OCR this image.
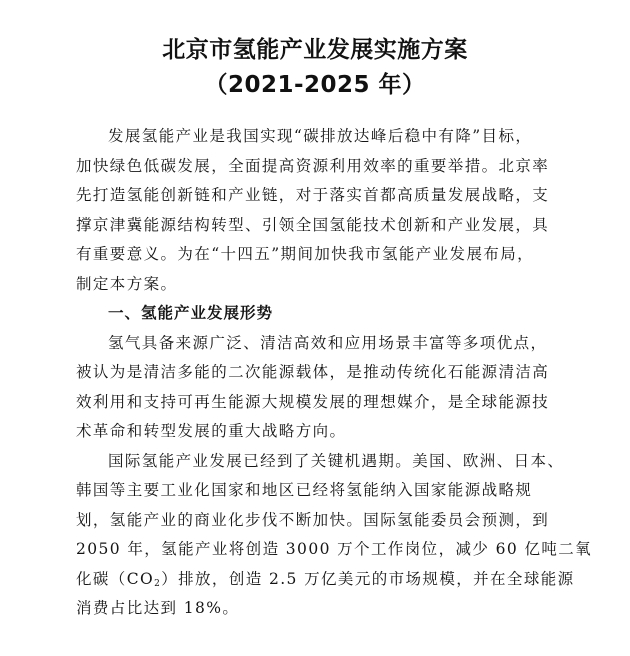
北京市氢能产业发展实施方案
（2021-2025 年）
发展氢能产业是我国实现“碳排放达峰后稳中有降”目标，
加快绿色低碳发展，全面提高资源利用效率的重要举措。北京率
先打造氢能创新链和产业链，对于落实首都高质量发展战略，支
撑京津冀能源结构转型、引领全国氢能技术创新和产业发展，具
有重要意义。为在“十四五”期间加快我市氢能产业发展布局，
制定本方案。
一、氢能产业发展形势
氢气具备来源广泛、清洁高效和应用场景丰富等多项优点，
被认为是清洁多能的二次能源载体，是推动传统化石能源清洁高
效利用和支持可再生能源大规模发展的理想媒介，是全球能源技
术革命和转型发展的重大战略方向。
国际氢能产业发展已经到了关键机遇期。美国、欧洲、日本、
韩国等主要工业化国家和地区已经将氢能纳入国家能源战略规
划，氢能产业的商业化步伐不断加快。国际氢能委员会预测，到
2050 年，氢能产业将创造 3000 万个工作岗位，减少 60 亿吨二氧
化碳$(CO_2)$排放，创造 2.5 万亿美元的市场规模，并在全球能源
消费占比达到 18%。
